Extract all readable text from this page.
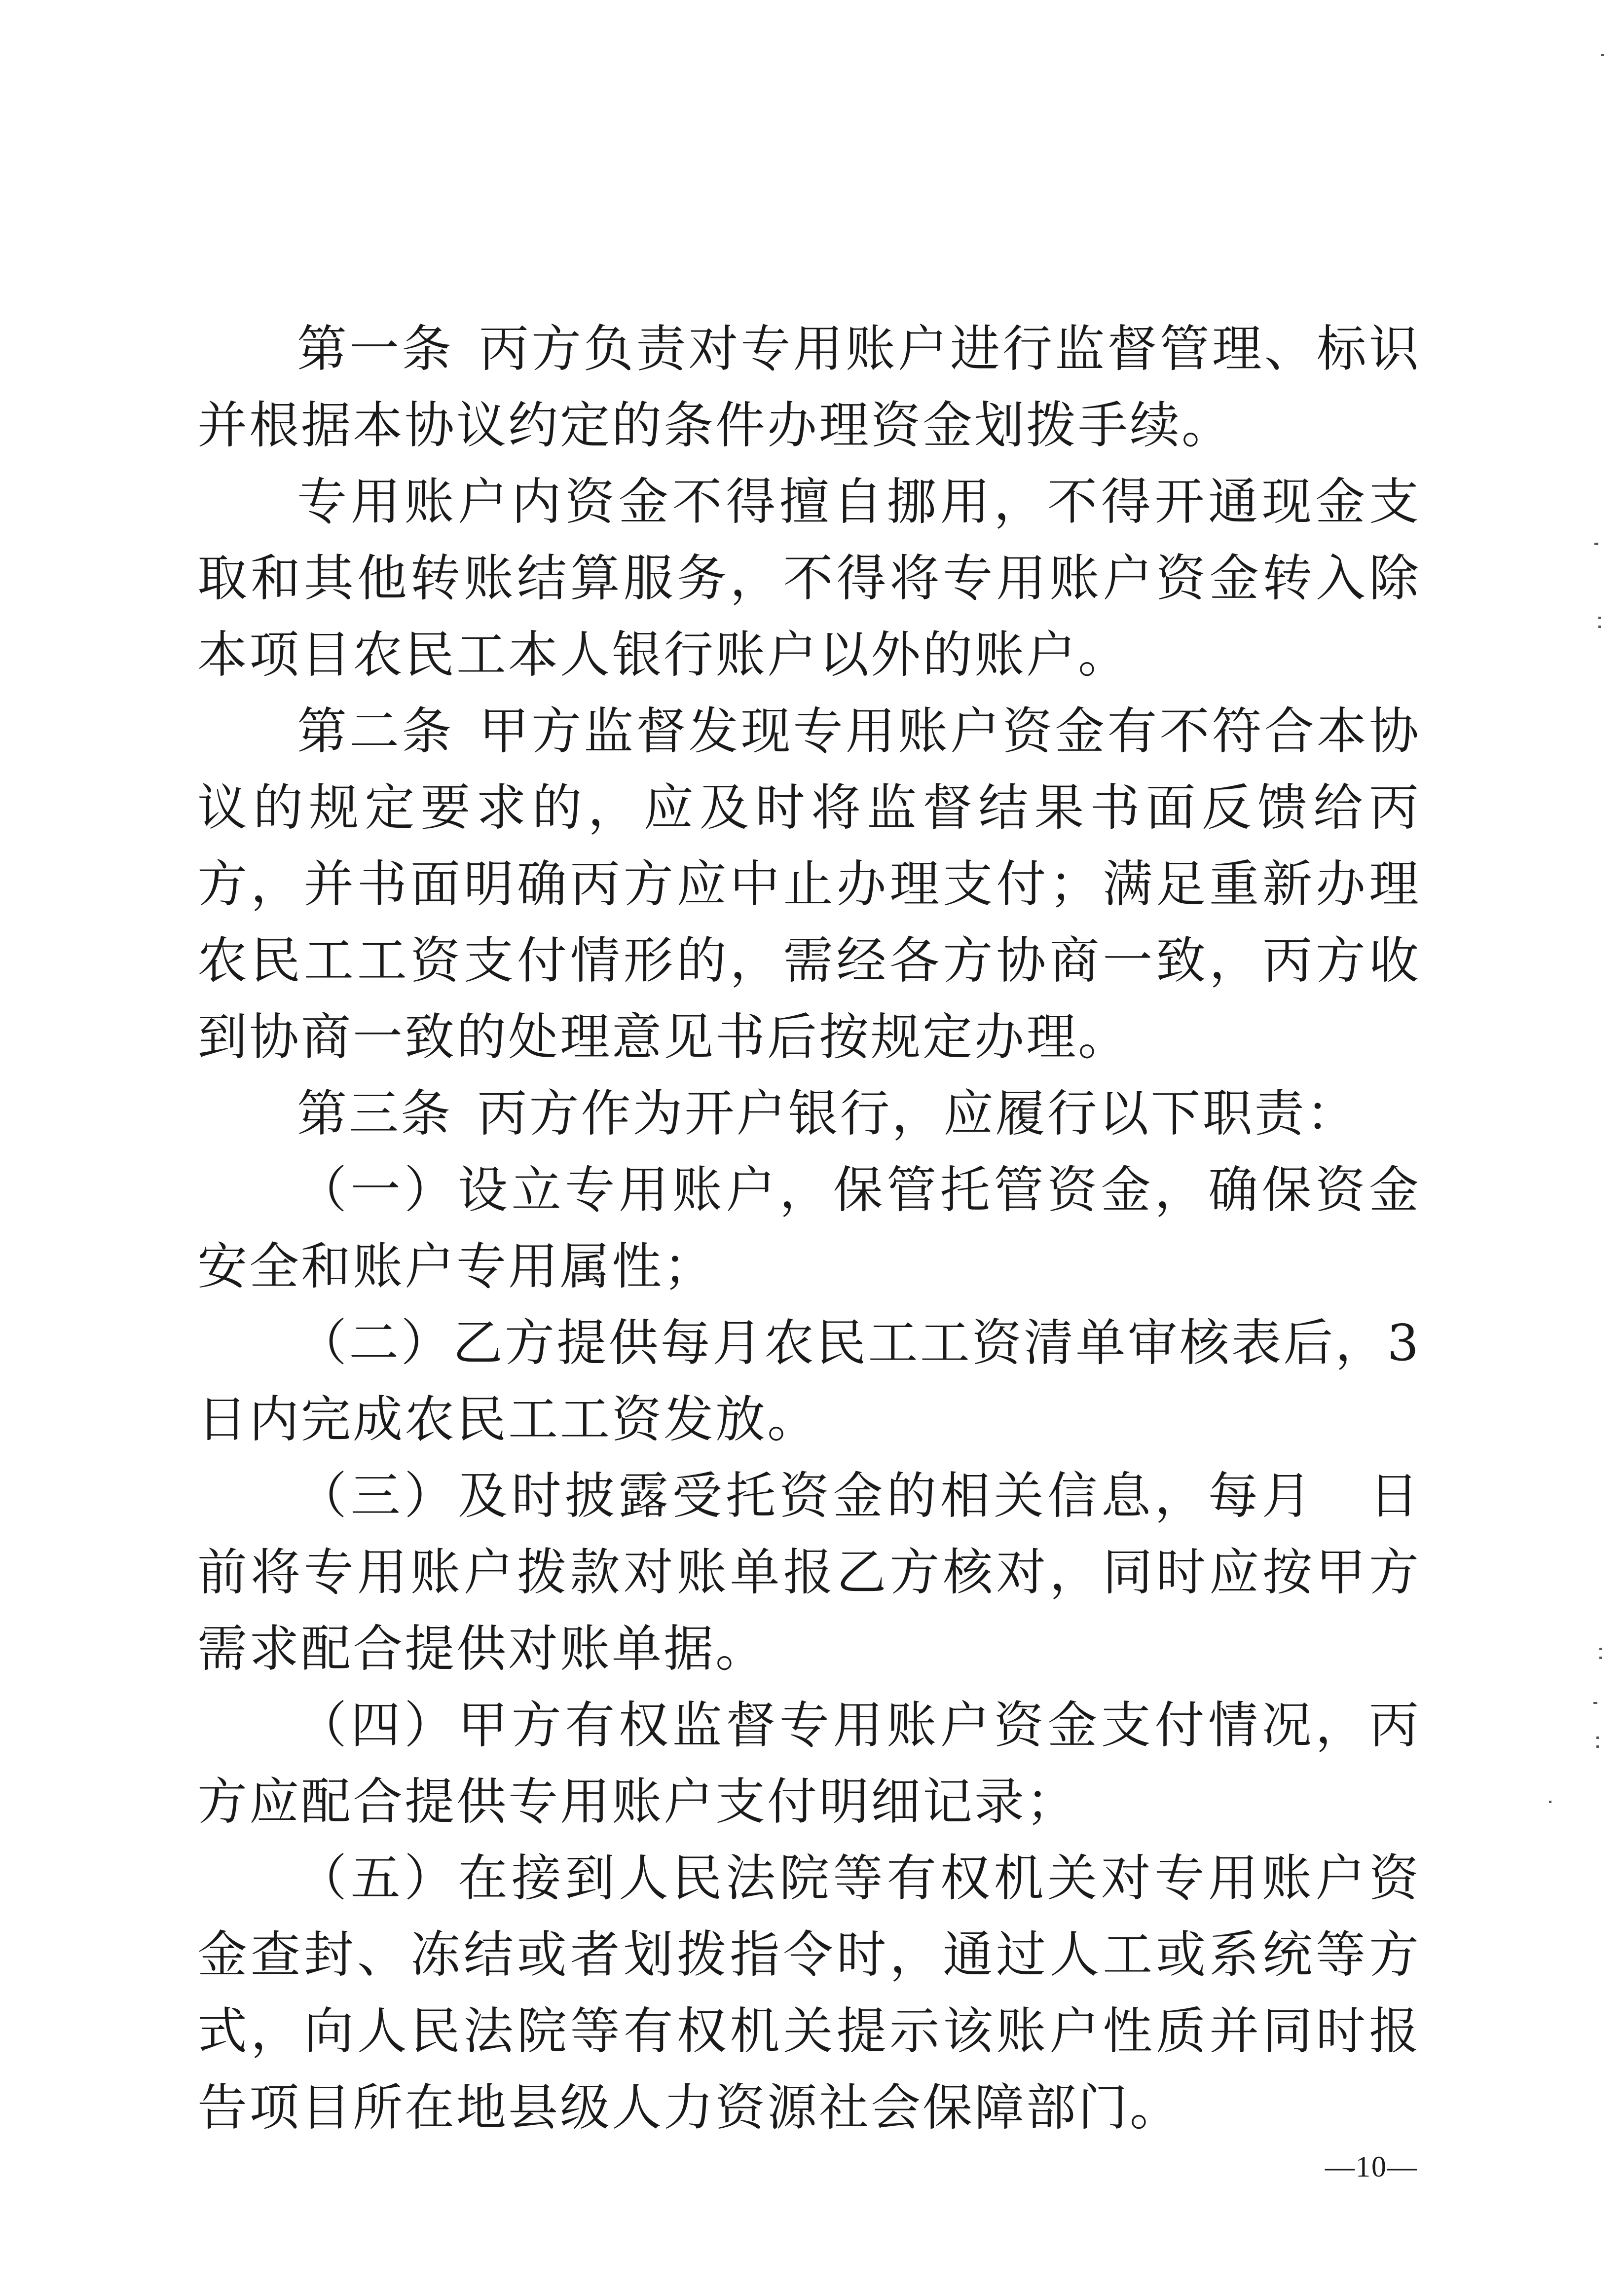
第一条 丙方负责对专用账户进行监督管理、标识并根据本协议约定的条件办理资金划拨手续。

专用账户内资金不得擅自挪用，不得开通现金支取和其他转账结算服务，不得将专用账户资金转入除本项目农民工本人银行账户以外的账户。

第二条 甲方监督发现专用账户资金有不符合本协议的规定要求的，应及时将监督结果书面反馈给丙方，并书面明确丙方应中止办理支付；满足重新办理农民工工资支付情形的，需经各方协商一致，丙方收到协商一致的处理意见书后按规定办理。

第三条 丙方作为开户银行，应履行以下职责：

（一）设立专用账户，保管托管资金，确保资金安全和账户专用属性；

（二）乙方提供每月农民工工资清单审核表后，3日内完成农民工工资发放。

（三）及时披露受托资金的相关信息，每月　日前将专用账户拨款对账单报乙方核对，同时应按甲方需求配合提供对账单据。

（四）甲方有权监督专用账户资金支付情况，丙方应配合提供专用账户支付明细记录；

（五）在接到人民法院等有权机关对专用账户资金查封、冻结或者划拨指令时，通过人工或系统等方式，向人民法院等有权机关提示该账户性质并同时报告项目所在地县级人力资源社会保障部门。

—10—
